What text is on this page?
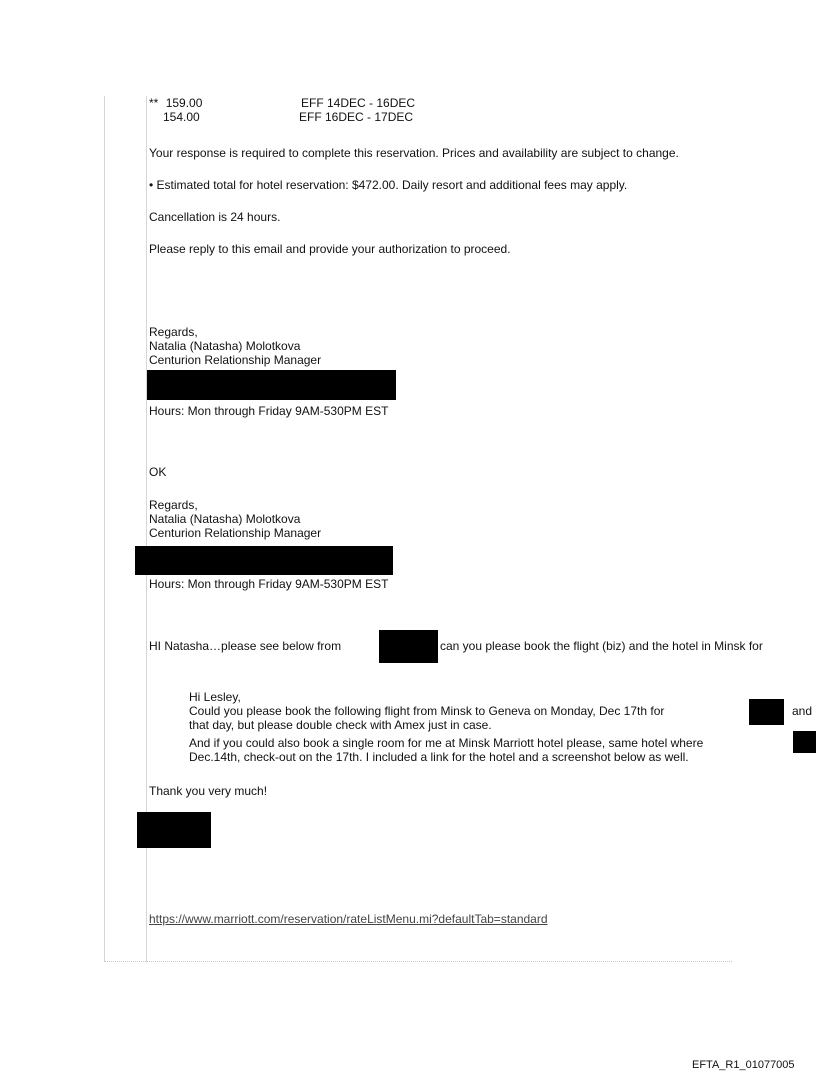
** 159.00	EFF 14DEC - 16DEC
154.00	EFF 16DEC - 17DEC
Your response is required to complete this reservation. Prices and availability are subject to change.
• Estimated total for hotel reservation: $472.00. Daily resort and additional fees may apply.
Cancellation is 24 hours.
Please reply to this email and provide your authorization to proceed.
Regards,
Natalia (Natasha) Molotkova
Centurion Relationship Manager
Hours: Mon through Friday 9AM-530PM EST
OK
Regards,
Natalia (Natasha) Molotkova
Centurion Relationship Manager
Hours: Mon through Friday 9AM-530PM EST
HI Natasha…please see below from	can you please book the flight (biz) and the hotel in Minsk for
Hi Lesley,
Could you please book the following flight from Minsk to Geneva on Monday, Dec 17th for	and
that day, but please double check with Amex just in case.
And if you could also book a single room for me at Minsk Marriott hotel please, same hotel where
Dec.14th, check-out on the 17th. I included a link for the hotel and a screenshot below as well.
Thank you very much!
https://www.marriott.com/reservation/rateListMenu.mi?defaultTab=standard
EFTA_R1_01077005
